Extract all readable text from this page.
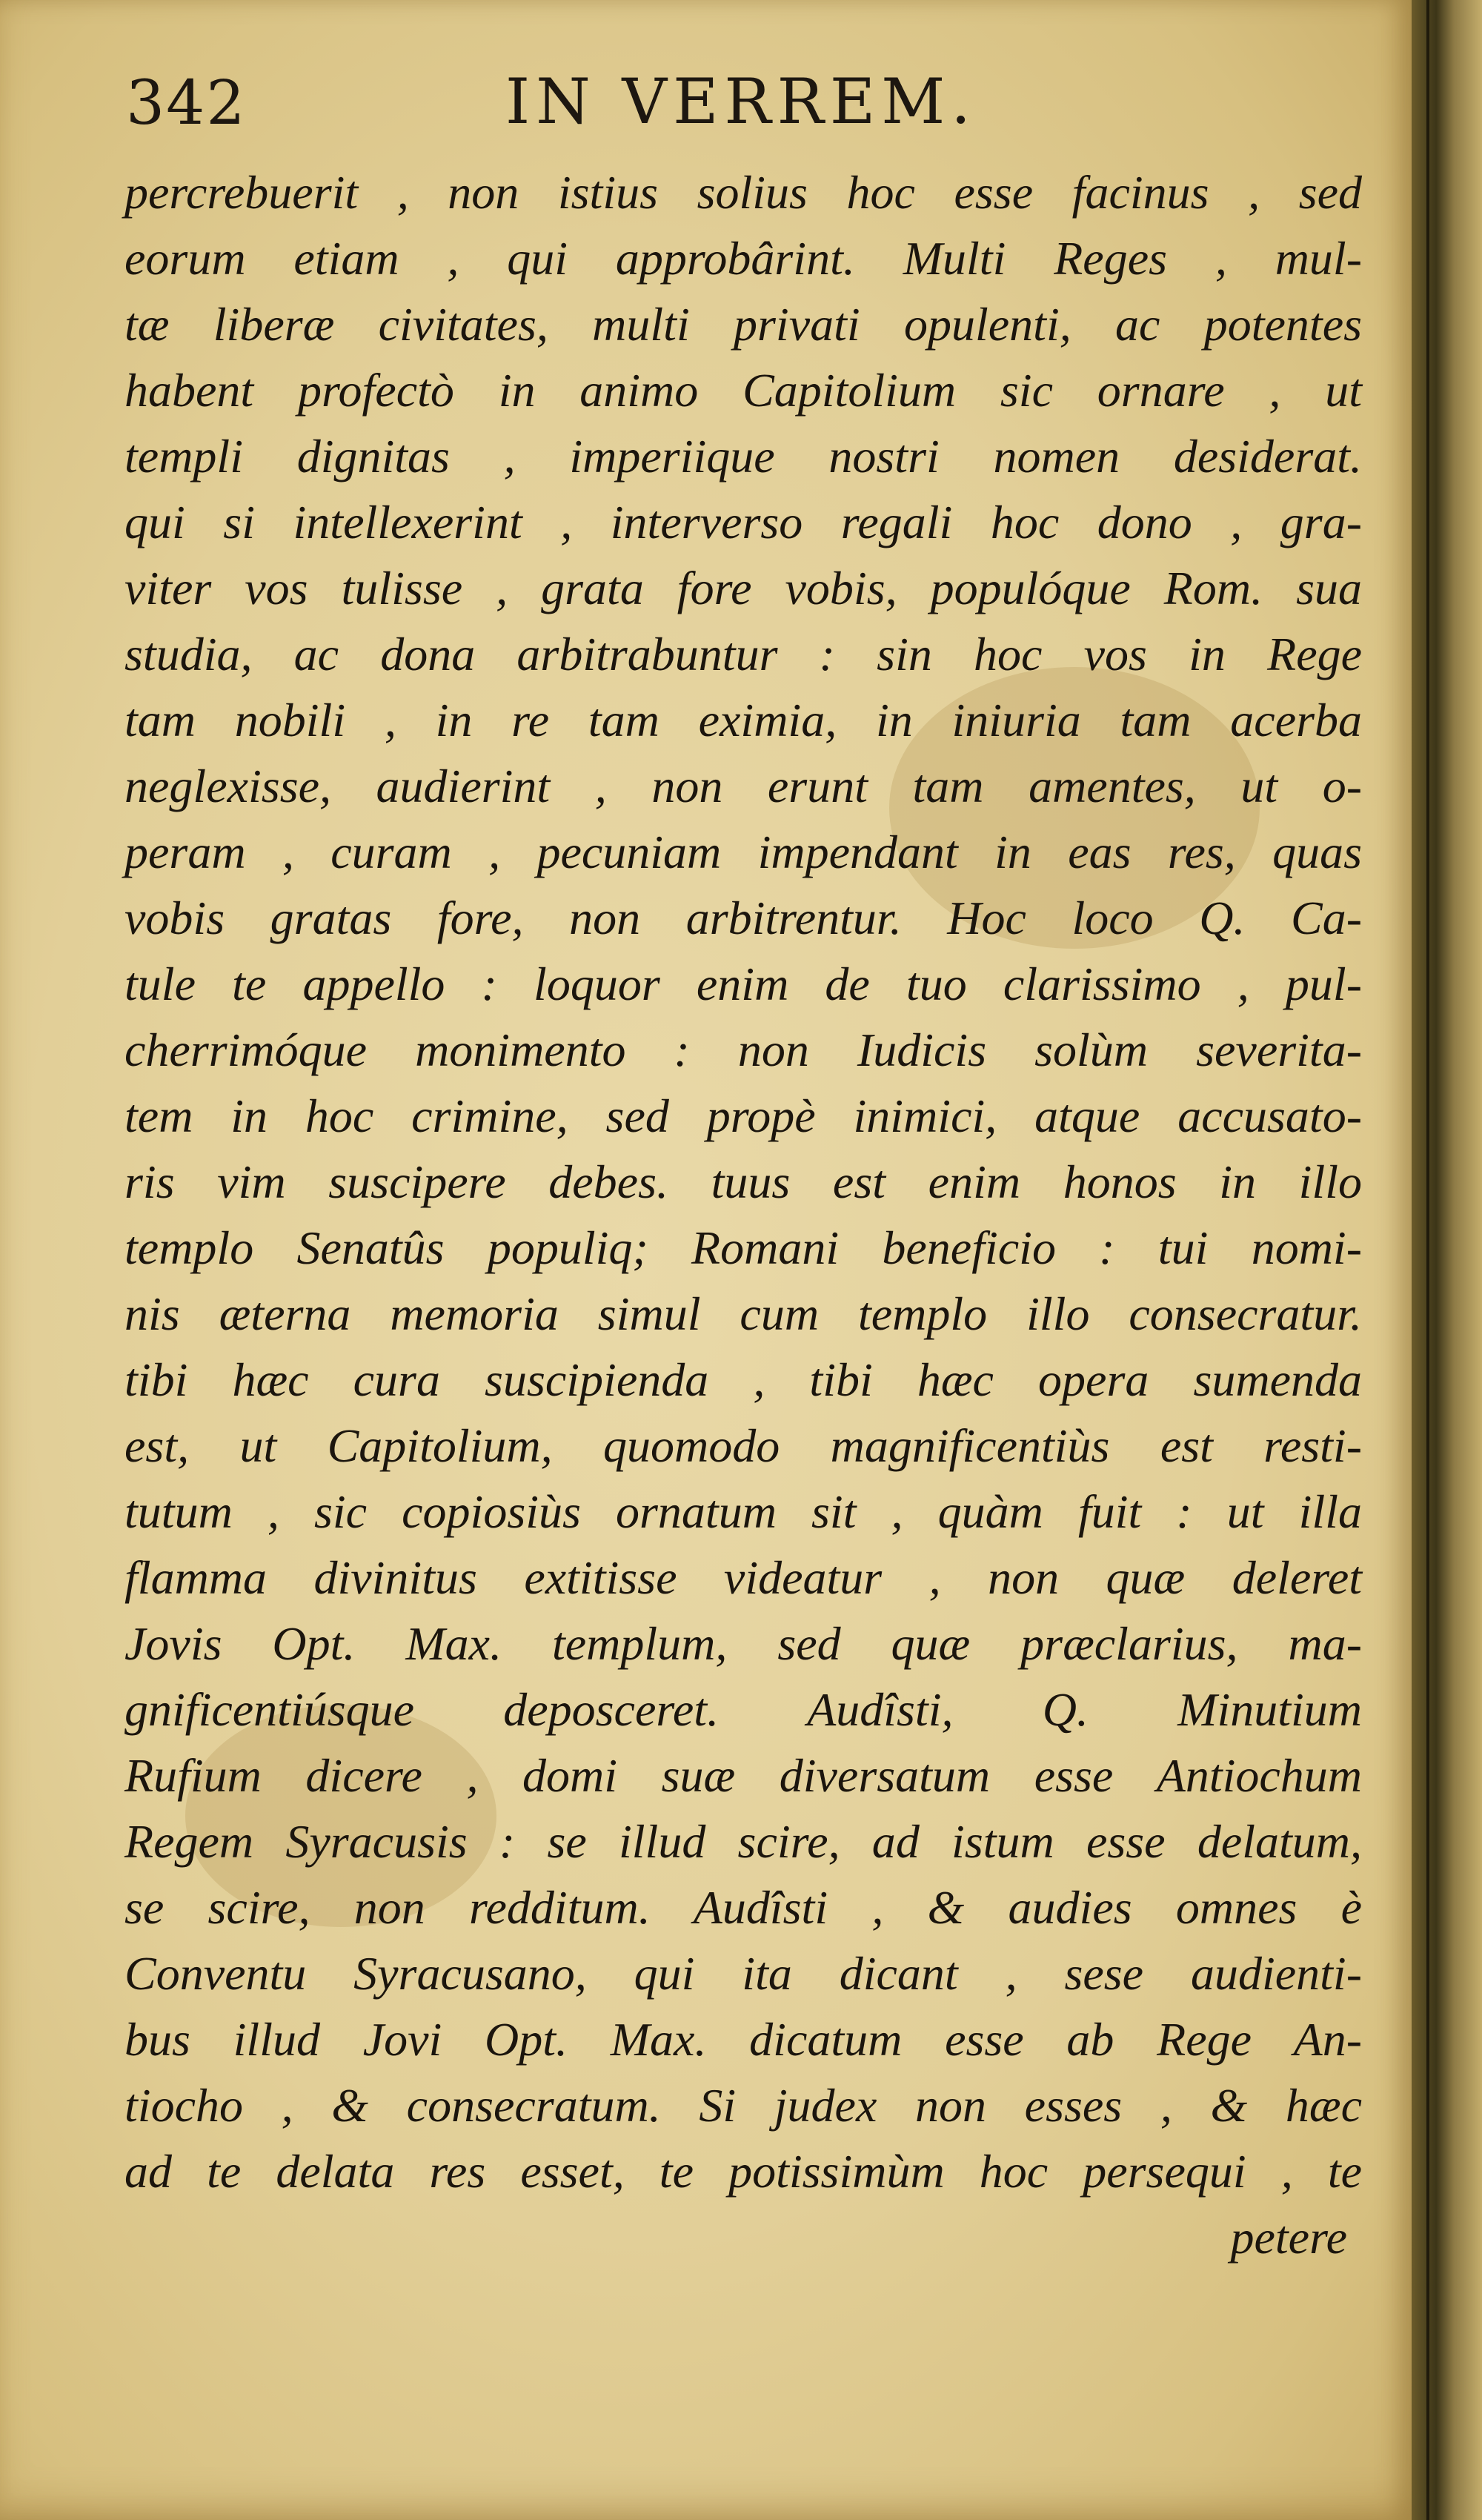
342	IN VERREM.
percrebuerit , non istius solius hoc esse facinus , sed
eorum etiam , qui approbârint. Multi Reges , mul-
tæ liberæ civitates, multi privati opulenti, ac potentes
habent profectò in animo Capitolium sic ornare , ut
templi dignitas , imperiique nostri nomen desiderat.
qui si intellexerint , interverso regali hoc dono , gra-
viter vos tulisse , grata fore vobis, populóque Rom. sua
studia, ac dona arbitrabuntur : sin hoc vos in Rege
tam nobili , in re tam eximia, in iniuria tam acerba
neglexisse, audierint , non erunt tam amentes, ut o-
peram , curam , pecuniam impendant in eas res, quas
vobis gratas fore, non arbitrentur. Hoc loco Q. Ca-
tule te appello : loquor enim de tuo clarissimo , pul-
cherrimóque monimento : non Iudicis solùm severita-
tem in hoc crimine, sed propè inimici, atque accusato-
ris vim suscipere debes. tuus est enim honos in illo
templo Senatûs populiq; Romani beneficio : tui nomi-
nis æterna memoria simul cum templo illo consecratur.
tibi hæc cura suscipienda , tibi hæc opera sumenda
est, ut Capitolium, quomodo magnificentiùs est resti-
tutum , sic copiosiùs ornatum sit , quàm fuit : ut illa
flamma divinitus extitisse videatur , non quæ deleret
Jovis Opt. Max. templum, sed quæ præclarius, ma-
gnificentiúsque deposceret. Audîsti, Q. Minutium
Rufium dicere , domi suæ diversatum esse Antiochum
Regem Syracusis : se illud scire, ad istum esse delatum,
se scire, non redditum. Audîsti , & audies omnes è
Conventu Syracusano, qui ita dicant , sese audienti-
bus illud Jovi Opt. Max. dicatum esse ab Rege An-
tiocho , & consecratum. Si judex non esses , & hæc
ad te delata res esset, te potissimùm hoc persequi , te
petere
